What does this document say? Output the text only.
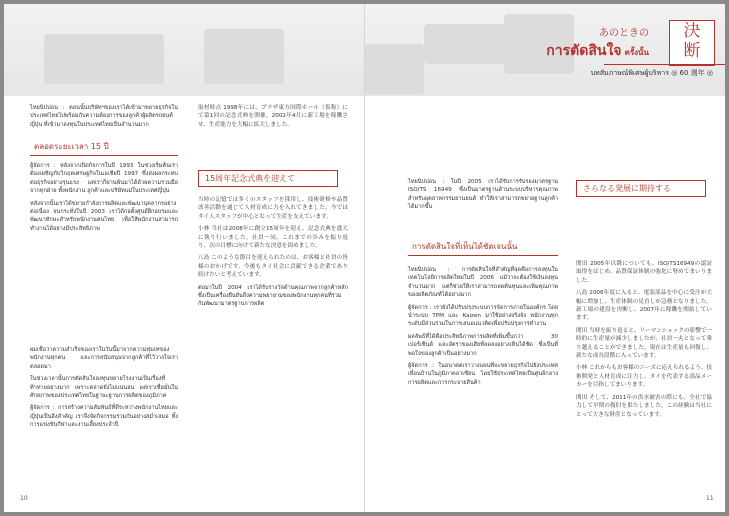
あのときの
การตัดสินใจ ครั้งนั้น
決
断
บทสัมภาษณ์พิเศษผู้บริหาร ◎ 60 週年 ◎

ไทยนิปปอน : ตอนนั้นบริษัทฯของเราได้เข้ามาขยายธุรกิจในประเทศไทยไปพร้อมกับความต้องการของลูกค้าผู้ผลิตรถยนต์ญี่ปุ่น ที่เข้ามาลงทุนในประเทศไทยเป็นจำนวนมาก

ตลอดระยะเวลา 15 ปี

ผู้จัดการ : หลังจากเปิดกิจการในปี 1993 ในช่วงเริ่มต้นเราต้องเผชิญกับวิกฤตเศรษฐกิจในเอเชียปี 1997 ซึ่งส่งผลกระทบต่อธุรกิจอย่างรุนแรง แต่เราก็ผ่านพ้นมาได้ด้วยความร่วมมือจากทุกฝ่าย ทั้งพนักงาน ลูกค้าและบริษัทแม่ในประเทศญี่ปุ่น

หลังจากนั้นเราได้ขยายกำลังการผลิตและพัฒนาบุคลากรอย่างต่อเนื่อง จนกระทั่งในปี 2003 เราได้ก่อตั้งศูนย์ฝึกอบรมและพัฒนาทักษะสำหรับพนักงานคนไทย เพื่อให้พนักงานสามารถทำงานได้อย่างมีประสิทธิภาพ

ผมเชื่อว่าความสำเร็จของเราในวันนี้มาจากความทุ่มเทของพนักงานทุกคน และการสนับสนุนจากลูกค้าที่ไว้วางใจเราตลอดมา

ในช่วงเวลานั้นการตัดสินใจลงทุนขยายโรงงานเป็นเรื่องที่ท้าทายอย่างมาก เพราะตลาดยังไม่แน่นอน แต่เราเชื่อมั่นในศักยภาพของประเทศไทยในฐานะฐานการผลิตของภูมิภาค

ผู้จัดการ : การสร้างความสัมพันธ์ที่ดีระหว่างพนักงานไทยและญี่ปุ่นเป็นสิ่งสำคัญ เราจึงจัดกิจกรรมร่วมกันอย่างสม่ำเสมอ ทั้งการแข่งขันกีฬาและงานเลี้ยงประจำปี

取材時点 1998年には、プラザ東方国際ホール（仮称）にて第1回の記念式典を開催。2002年4月に新工場を稼働させ、生産能力を大幅に拡大しました。

15周年記念式典を迎えて

当時の記憶では多くのスタッフを採用し、技術研修や品質改善活動を通じて人材育成に力を入れてきました。今ではタイ人スタッフが中心となって生産を支えています。

小林 当社は2008年に創立15周年を迎え、記念式典を盛大に執り行いました。社員一同、これまでの歩みを振り返り、次の目標に向けて新たな決意を固めました。

八島 このような節目を迎えられたのは、お客様と社員の皆様のおかげです。今後もタイ社会に貢献できる企業であり続けたいと考えています。

ต่อมาในปี 2004 เราได้รับรางวัลด้านคุณภาพจากลูกค้าหลัก ซึ่งเป็นเครื่องยืนยันถึงความพยายามของพนักงานทุกคนที่ร่วมกันพัฒนามาตรฐานการผลิต

10

ไทยนิปปอน : ในปี 2005 เราได้รับการรับรองมาตรฐาน ISO/TS 16949 ซึ่งเป็นมาตรฐานด้านระบบบริหารคุณภาพสำหรับอุตสาหกรรมยานยนต์ ทำให้เราสามารถขยายฐานลูกค้าได้มากขึ้น

การตัดสินใจที่เห็นได้ชัดเจนนั้น

ไทยนิปปอน : การตัดสินใจที่สำคัญที่สุดคือการลงทุนในเทคโนโลยีการผลิตใหม่ในปี 2006 แม้ว่าจะต้องใช้เงินลงทุนจำนวนมาก แต่ก็ช่วยให้เราสามารถลดต้นทุนและเพิ่มคุณภาพของผลิตภัณฑ์ได้อย่างมาก

ผู้จัดการ : เรายังได้ปรับปรุงระบบการจัดการภายในองค์กร โดยนำระบบ TPM และ Kaizen มาใช้อย่างจริงจัง พนักงานทุกระดับมีส่วนร่วมในการเสนอแนวคิดเพื่อปรับปรุงการทำงาน

ผลลัพธ์ที่ได้คือประสิทธิภาพการผลิตที่เพิ่มขึ้นกว่า 30 เปอร์เซ็นต์ และอัตราของเสียที่ลดลงอย่างเห็นได้ชัด ซึ่งเป็นที่พอใจของลูกค้าเป็นอย่างมาก

ผู้จัดการ : ในอนาคตเราวางแผนที่จะขยายธุรกิจไปยังประเทศเพื่อนบ้านในภูมิภาคอาเซียน โดยใช้ประเทศไทยเป็นศูนย์กลางการผลิตและการกระจายสินค้า

さらなる発展に期待する

関田 2005年以降についても、ISO/TS16949の認証取得をはじめ、品質保証体制の強化に努めてまいりました。

八島 2006年度に入ると、電装部品を中心に受注が大幅に増加し、生産体制の見直しが急務となりました。新工場の建設を決断し、2007年に稼働を開始しています。

関田 当時を振り返ると、リーマンショックの影響で一時的に生産量が減少しましたが、社員一丸となって乗り越えることができました。現在は生産量も回復し、新たな成長段階に入っています。

小林 これからもお客様のニーズに応えられるよう、技術開発と人材育成に注力し、タイを代表する部品メーカーを目指してまいります。

関田 そして、2011年の洪水被害の際にも、全社で協力して早期の復旧を果たしました。この経験は当社にとって大きな財産となっています。

11
